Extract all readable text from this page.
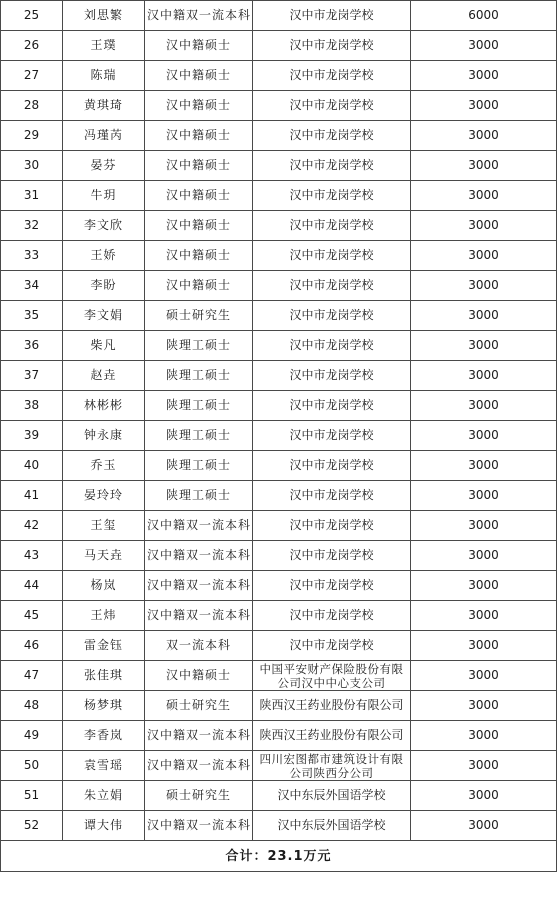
25	刘思繁	汉中籍双一流本科	汉中市龙岗学校	6000
26	王璞	汉中籍硕士	汉中市龙岗学校	3000
27	陈瑞	汉中籍硕士	汉中市龙岗学校	3000
28	黄琪琦	汉中籍硕士	汉中市龙岗学校	3000
29	冯瑾芮	汉中籍硕士	汉中市龙岗学校	3000
30	晏芬	汉中籍硕士	汉中市龙岗学校	3000
31	牛玥	汉中籍硕士	汉中市龙岗学校	3000
32	李文欣	汉中籍硕士	汉中市龙岗学校	3000
33	王娇	汉中籍硕士	汉中市龙岗学校	3000
34	李盼	汉中籍硕士	汉中市龙岗学校	3000
35	李文娟	硕士研究生	汉中市龙岗学校	3000
36	柴凡	陕理工硕士	汉中市龙岗学校	3000
37	赵垚	陕理工硕士	汉中市龙岗学校	3000
38	林彬彬	陕理工硕士	汉中市龙岗学校	3000
39	钟永康	陕理工硕士	汉中市龙岗学校	3000
40	乔玉	陕理工硕士	汉中市龙岗学校	3000
41	晏玲玲	陕理工硕士	汉中市龙岗学校	3000
42	王玺	汉中籍双一流本科	汉中市龙岗学校	3000
43	马天垚	汉中籍双一流本科	汉中市龙岗学校	3000
44	杨岚	汉中籍双一流本科	汉中市龙岗学校	3000
45	王炜	汉中籍双一流本科	汉中市龙岗学校	3000
46	雷金钰	双一流本科	汉中市龙岗学校	3000
47	张佳琪	汉中籍硕士	中国平安财产保险股份有限公司汉中中心支公司	3000
48	杨梦琪	硕士研究生	陕西汉王药业股份有限公司	3000
49	李香岚	汉中籍双一流本科	陕西汉王药业股份有限公司	3000
50	袁雪瑶	汉中籍双一流本科	四川宏图都市建筑设计有限公司陕西分公司	3000
51	朱立娟	硕士研究生	汉中东辰外国语学校	3000
52	谭大伟	汉中籍双一流本科	汉中东辰外国语学校	3000
合计：23.1万元				
